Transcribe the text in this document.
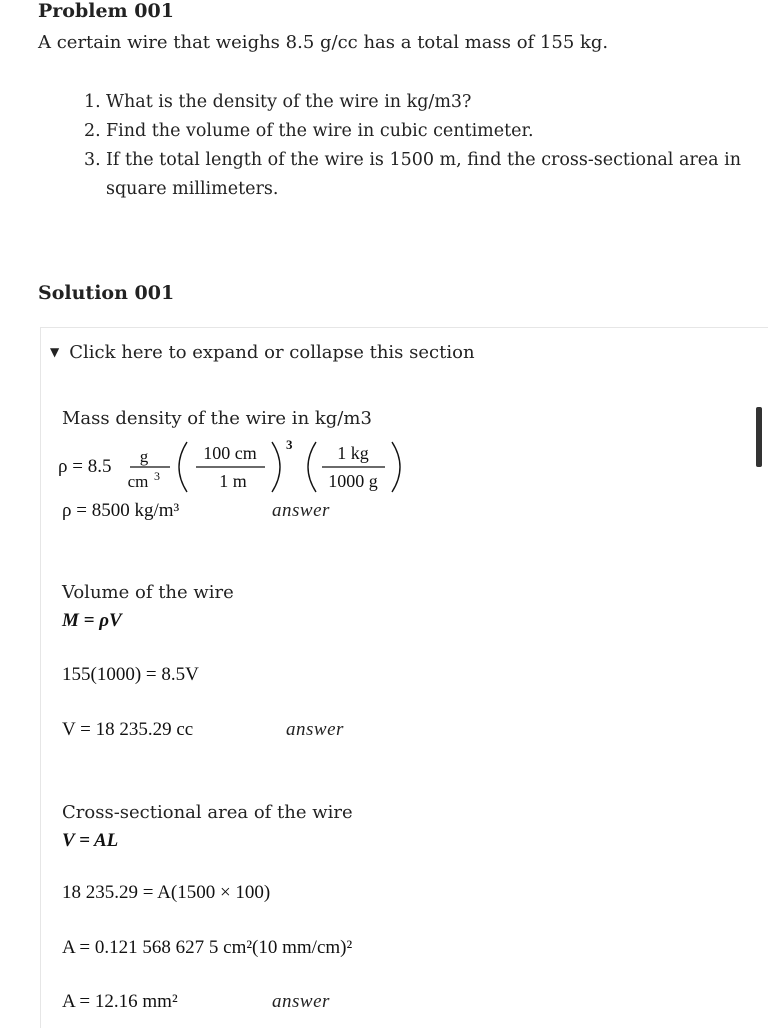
Problem 001
A certain wire that weighs 8.5 g/cc has a total mass of 155 kg.
1. What is the density of the wire in kg/m3?
2. Find the volume of the wire in cubic centimeter.
3. If the total length of the wire is 1500 m, find the cross-sectional area in square millimeters.
Solution 001
▼ Click here to expand or collapse this section
Mass density of the wire in kg/m3
ρ = 8.5 g
cm 3
100 cm
1 m
3 1 kg
1000 g
ρ = 8500 kg/m³	answer
Volume of the wire
M = ρV
155(1000) = 8.5V
V = 18 235.29 cc	answer
Cross-sectional area of the wire
V = AL
18 235.29 = A(1500 × 100)
A = 0.121 568 627 5 cm²(10 mm/cm)²
A = 12.16 mm²	answer
